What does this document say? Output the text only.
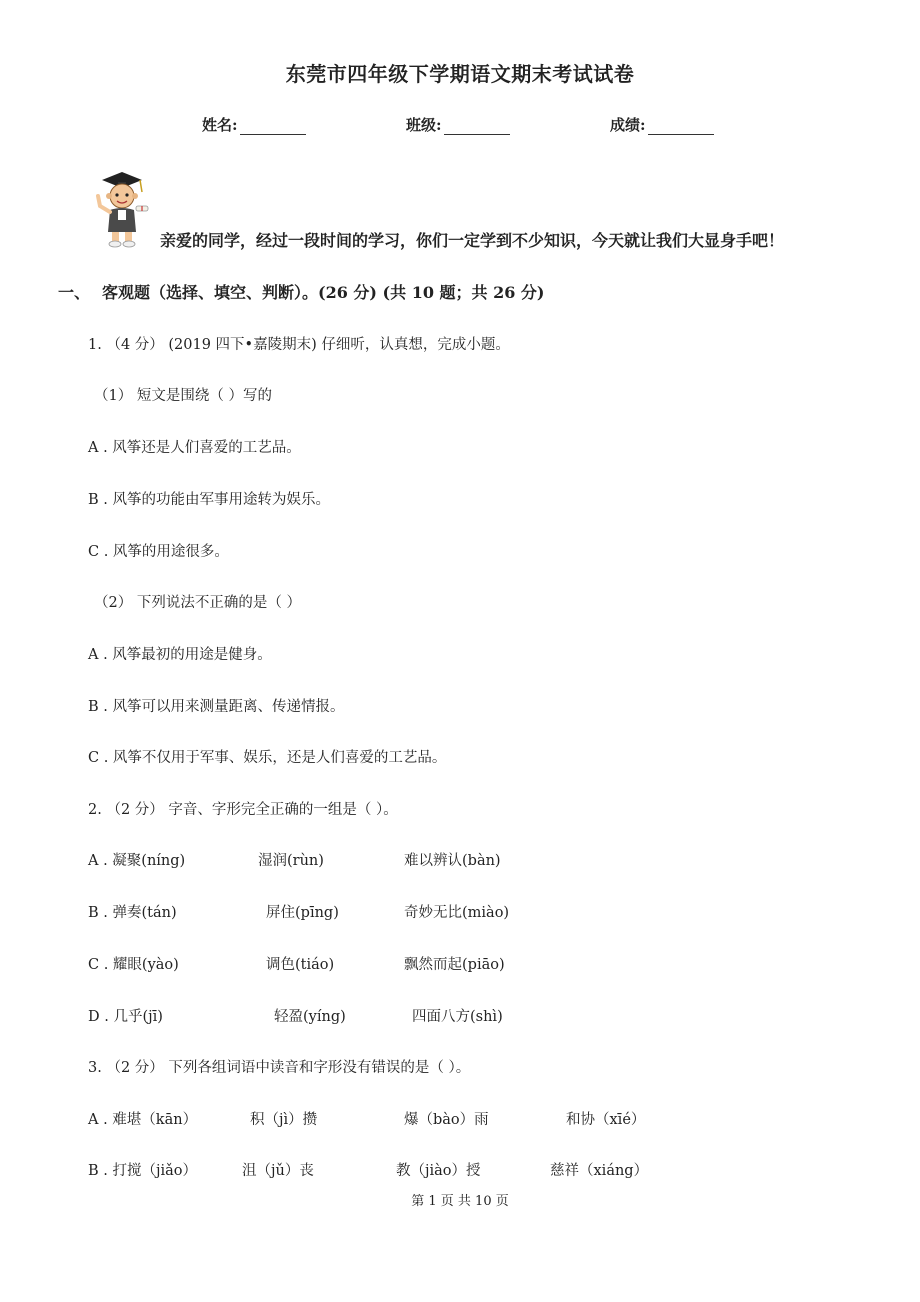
东莞市四年级下学期语文期末考试试卷
姓名:	班级:	成绩:
亲爱的同学，经过一段时间的学习，你们一定学到不少知识，今天就让我们大显身手吧！
一、 客观题（选择、填空、判断）。(26 分) (共 10 题；共 26 分)
1. （4 分） (2019 四下•嘉陵期末) 仔细听，认真想，完成小题。
（1） 短文是围绕（ ）写的
A . 风筝还是人们喜爱的工艺品。
B . 风筝的功能由军事用途转为娱乐。
C . 风筝的用途很多。
（2） 下列说法不正确的是（ ）
A . 风筝最初的用途是健身。
B . 风筝可以用来测量距离、传递情报。
C . 风筝不仅用于军事、娱乐，还是人们喜爱的工艺品。
2. （2 分） 字音、字形完全正确的一组是（ ）。
A . 凝聚(níng)	湿润(rùn)	难以辨认(bàn)
B . 弹奏(tán)	屏住(pīng)	奇妙无比(miào)
C . 耀眼(yào)	调色(tiáo)	飘然而起(piāo)
D . 几乎(jī)	轻盈(yíng)	四面八方(shì)
3. （2 分） 下列各组词语中读音和字形没有错误的是（ ）。
A . 难堪（kān）	积（jì）攒	爆（bào）雨	和协（xīé）
B . 打搅（jiǎo）	沮（jǔ）丧	教（jiào）授	慈祥（xiáng）
第 1 页 共 10 页
